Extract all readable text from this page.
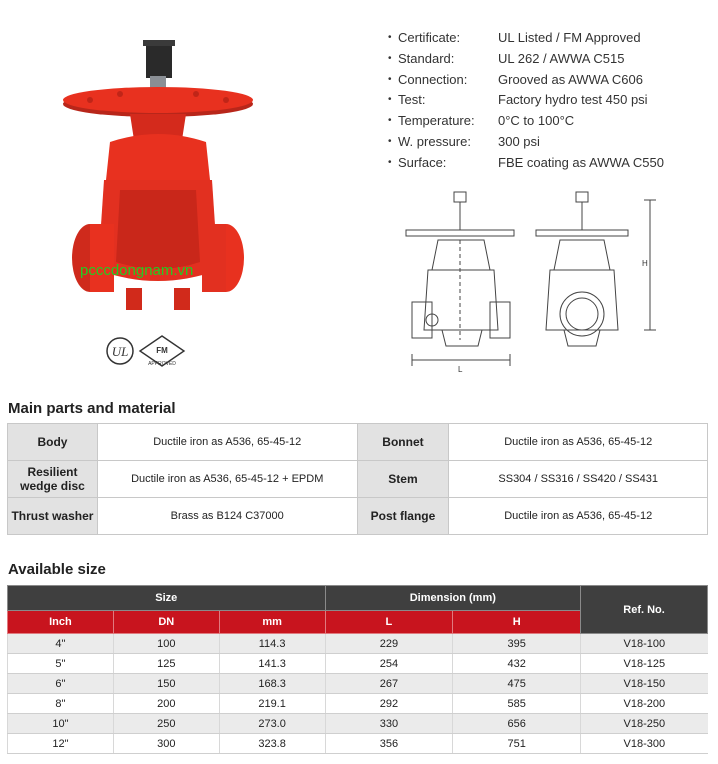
pcccdongnam.vn
UL	FM
APPROVED
• Certificate:	UL Listed / FM Approved
• Standard:	UL 262 / AWWA C515
• Connection:	Grooved as AWWA C606
• Test:	Factory hydro test 450 psi
• Temperature:	0°C to 100°C
• W. pressure:	300 psi
• Surface:	FBE coating as AWWA C550
L
H
Main parts and material
Body	Ductile iron as A536, 65-45-12	Bonnet	Ductile iron as A536, 65-45-12
Resilient wedge disc	Ductile iron as A536, 65-45-12 + EPDM	Stem	SS304 / SS316 / SS420 / SS431
Thrust washer	Brass as B124 C37000	Post flange	Ductile iron as A536, 65-45-12
Available size
Size			Dimension (mm)		Ref. No.
Inch	DN	mm	L	H	
4"	100	114.3	229	395	V18-100
5"	125	141.3	254	432	V18-125
6"	150	168.3	267	475	V18-150
8"	200	219.1	292	585	V18-200
10"	250	273.0	330	656	V18-250
12"	300	323.8	356	751	V18-300
